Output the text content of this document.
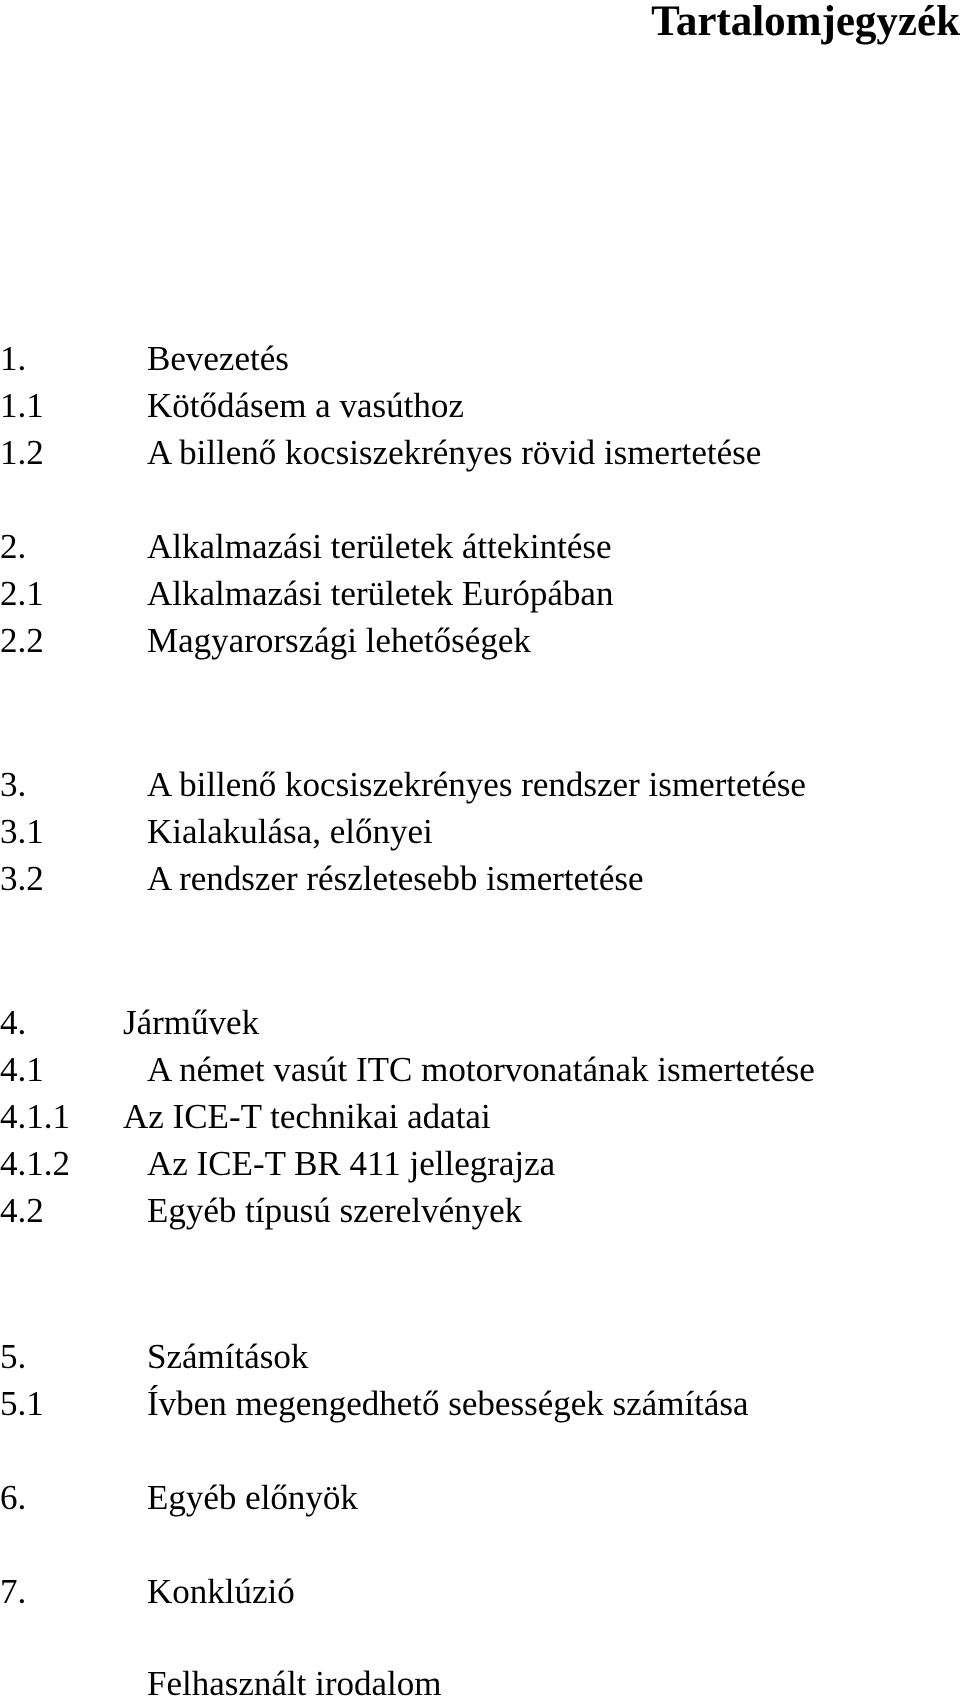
Tartalomjegyzék
1.	Bevezetés
1.1	Kötődásem a vasúthoz
1.2	A billenő kocsiszekrényes rövid ismertetése
2.	Alkalmazási területek áttekintése
2.1	Alkalmazási területek Európában
2.2	Magyarországi lehetőségek
3.	A billenő kocsiszekrényes rendszer ismertetése
3.1	Kialakulása, előnyei
3.2	A rendszer részletesebb ismertetése
4.	Járművek
4.1	A német vasút ITC motorvonatának ismertetése
4.1.1 Az ICE-T technikai adatai
4.1.2 Az ICE-T BR 411 jellegrajza
4.2	Egyéb típusú szerelvények
5.	Számítások
5.1	Ívben megengedhető sebességek számítása
6.	Egyéb előnyök
7.	Konklúzió
Felhasznált irodalom
